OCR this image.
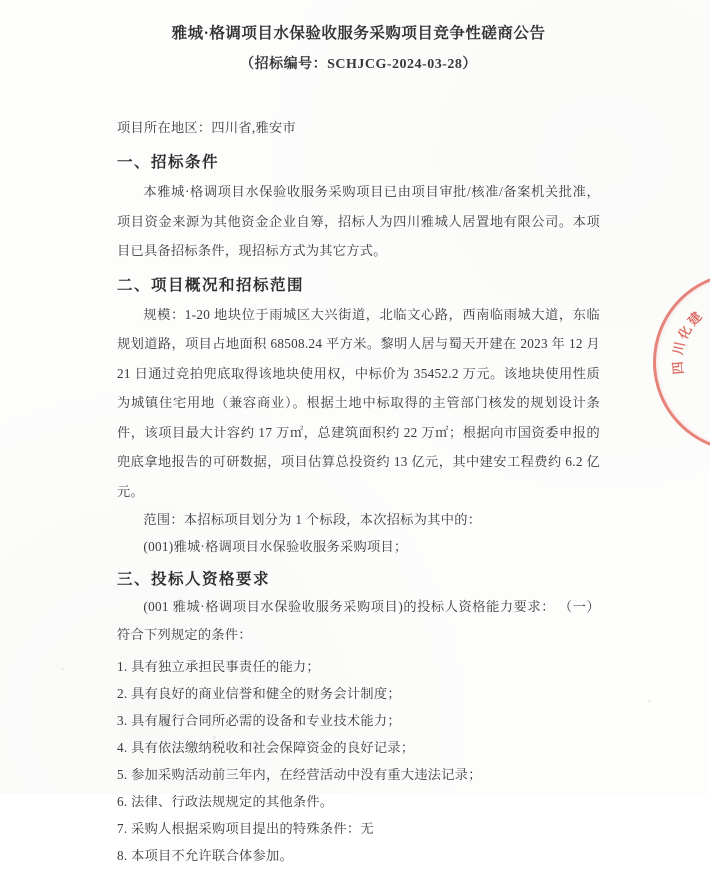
雅城·格调项目水保验收服务采购项目竞争性磋商公告
（招标编号：SCHJCG-2024-03-28）
项目所在地区：四川省,雅安市
一、招标条件

本雅城·格调项目水保验收服务采购项目已由项目审批/核准/备案机关批准，项目资金来源为其他资金企业自筹，招标人为四川雅城人居置地有限公司。本项目已具备招标条件，现招标方式为其它方式。

二、项目概况和招标范围

规模：1-20 地块位于雨城区大兴街道，北临文心路，西南临雨城大道，东临规划道路，项目占地面积 68508.24 平方米。黎明人居与蜀天开建在 2023 年 12 月 21 日通过竞拍兜底取得该地块使用权，中标价为 35452.2 万元。该地块使用性质为城镇住宅用地（兼容商业）。根据土地中标取得的主管部门核发的规划设计条件，该项目最大计容约 17 万㎡，总建筑面积约 22 万㎡；根据向市国资委申报的兜底拿地报告的可研数据，项目估算总投资约 13 亿元，其中建安工程费约 6.2 亿元。

范围：本招标项目划分为 1 个标段，本次招标为其中的：

(001)雅城·格调项目水保验收服务采购项目；

三、投标人资格要求

(001 雅城·格调项目水保验收服务采购项目)的投标人资格能力要求： （一）符合下列规定的条件：

1. 具有独立承担民事责任的能力；

2. 具有良好的商业信誉和健全的财务会计制度；

3. 具有履行合同所必需的设备和专业技术能力；

4. 具有依法缴纳税收和社会保障资金的良好记录；

5. 参加采购活动前三年内，在经营活动中没有重大违法记录；

6. 法律、行政法规规定的其他条件。

7. 采购人根据采购项目提出的特殊条件：无

8. 本项目不允许联合体参加。

四
川
化
建
